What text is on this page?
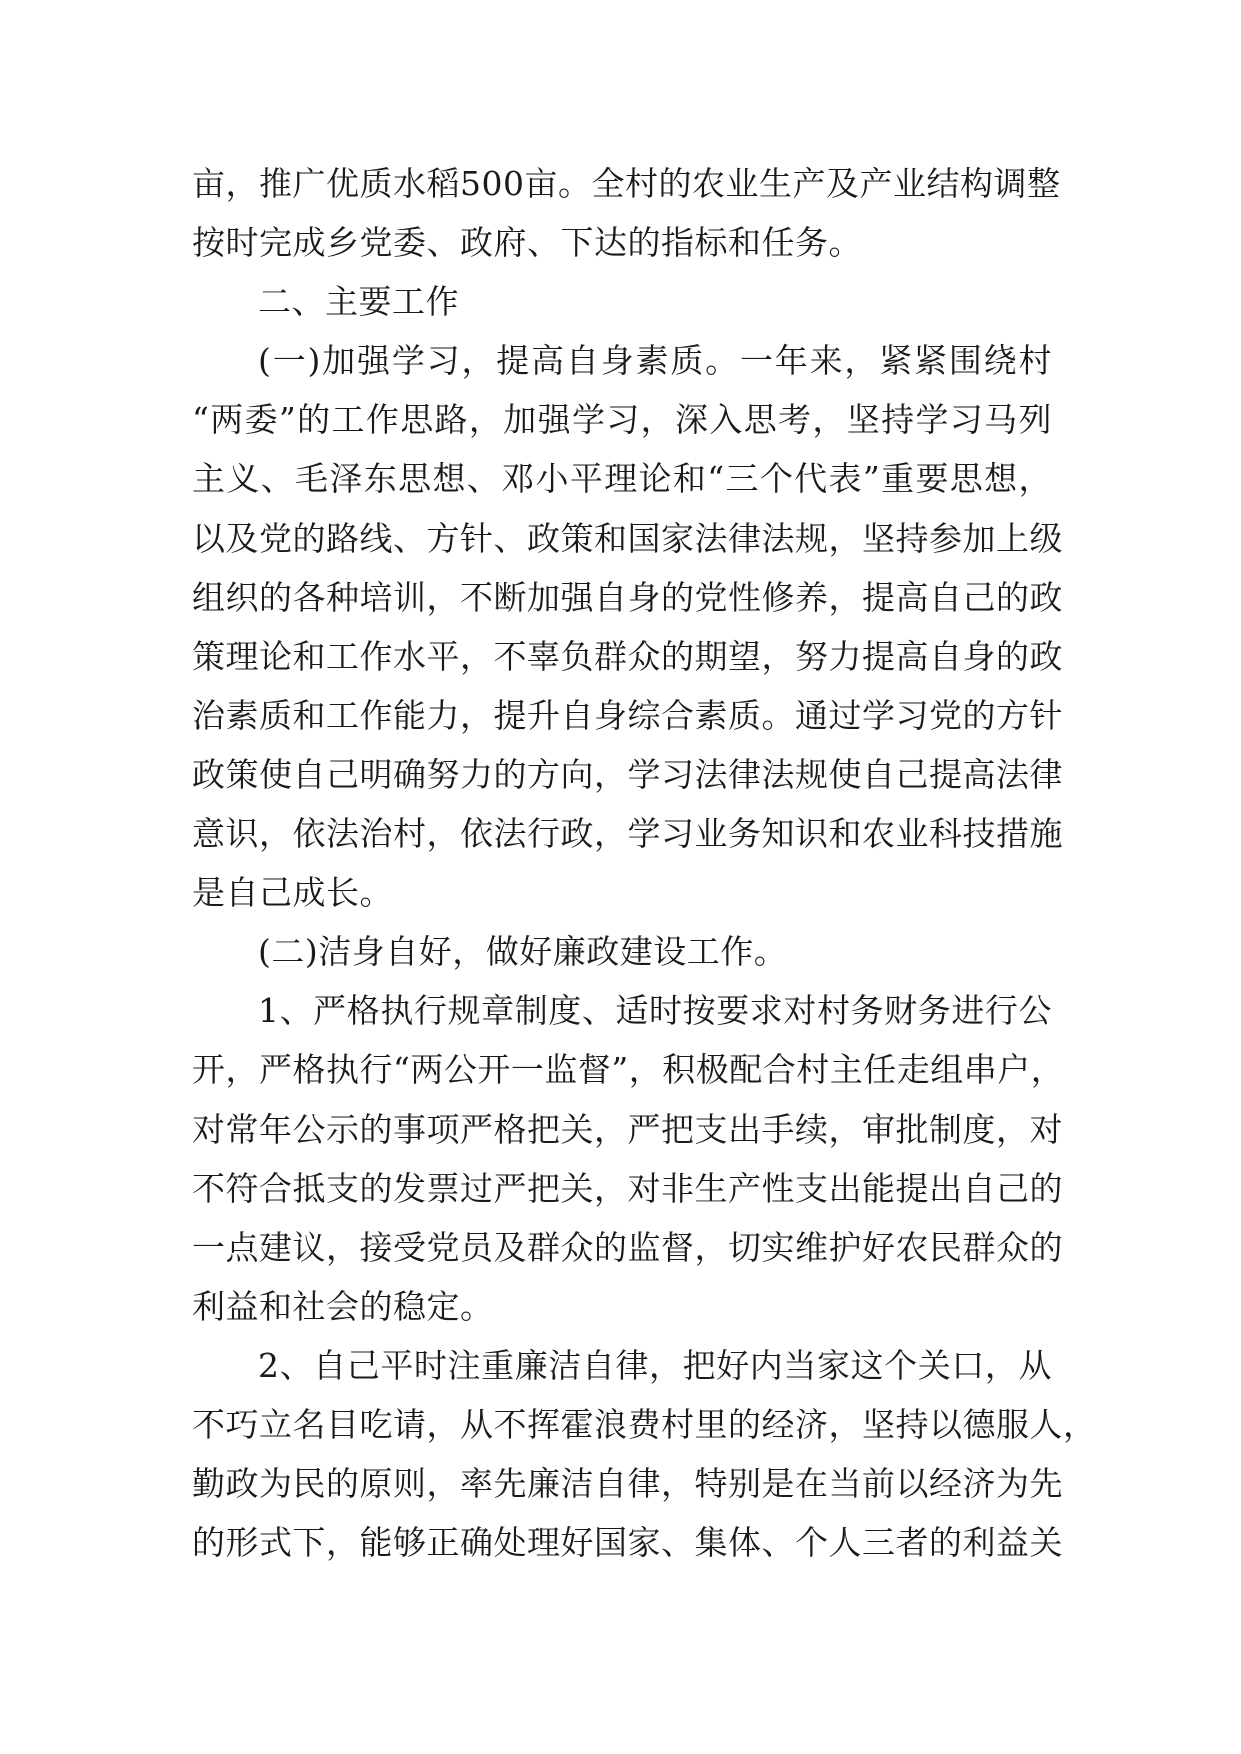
亩，推广优质水稻500亩。全村的农业生产及产业结构调整
按时完成乡党委、政府、下达的指标和任务。
二、主要工作
(一)加强学习，提高自身素质。一年来，紧紧围绕村
“两委”的工作思路，加强学习，深入思考，坚持学习马列
主义、毛泽东思想、邓小平理论和“三个代表”重要思想，
以及党的路线、方针、政策和国家法律法规，坚持参加上级
组织的各种培训，不断加强自身的党性修养，提高自己的政
策理论和工作水平，不辜负群众的期望，努力提高自身的政
治素质和工作能力，提升自身综合素质。通过学习党的方针
政策使自己明确努力的方向，学习法律法规使自己提高法律
意识，依法治村，依法行政，学习业务知识和农业科技措施
是自己成长。
(二)洁身自好，做好廉政建设工作。
1、严格执行规章制度、适时按要求对村务财务进行公
开，严格执行“两公开一监督”，积极配合村主任走组串户，
对常年公示的事项严格把关，严把支出手续，审批制度，对
不符合抵支的发票过严把关，对非生产性支出能提出自己的
一点建议，接受党员及群众的监督，切实维护好农民群众的
利益和社会的稳定。
2、自己平时注重廉洁自律，把好内当家这个关口，从
不巧立名目吃请，从不挥霍浪费村里的经济，坚持以德服人，
勤政为民的原则，率先廉洁自律，特别是在当前以经济为先
的形式下，能够正确处理好国家、集体、个人三者的利益关
